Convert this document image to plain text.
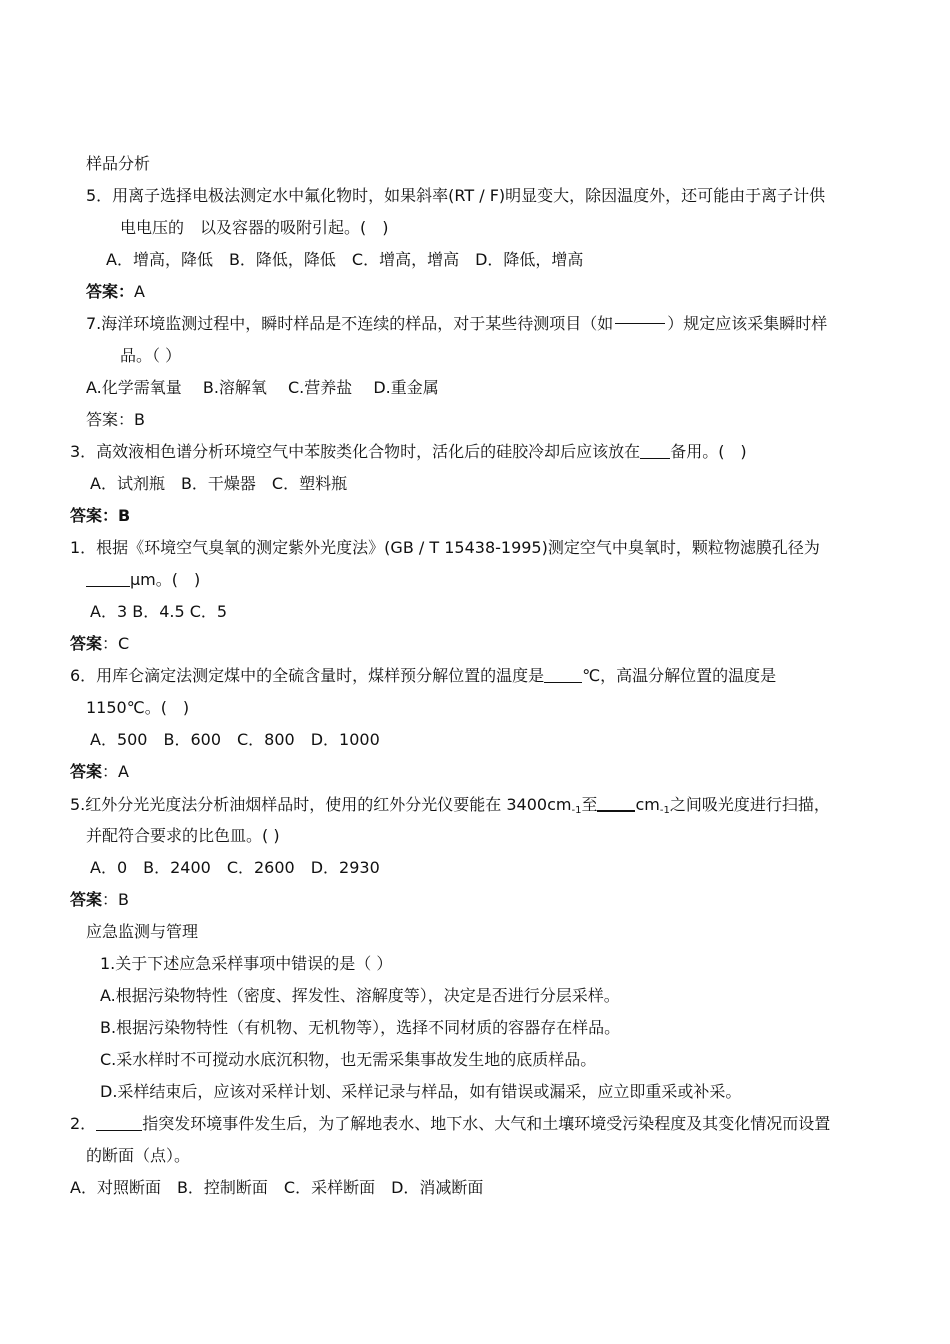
样品分析
5．用离子选择电极法测定水中氟化物时，如果斜率(RT / F)明显变大，除因温度外，还可能由于离子计供
电电压的　以及容器的吸附引起。(　)
A．增高，降低　B．降低，降低　C．增高，增高　D．降低，增高
答案：A
7.海洋环境监测过程中，瞬时样品是不连续的样品，对于某些待测项目（如	）规定应该采集瞬时样
品。（ ）
A.化学需氧量　 B.溶解氧　 C.营养盐　 D.重金属
答案：B
3．高效液相色谱分析环境空气中苯胺类化合物时，活化后的硅胶冷却后应该放在 备用。(　)
A．试剂瓶　B．干燥器　C．塑料瓶
答案：B
1．根据《环境空气臭氧的测定紫外光度法》(GB / T 15438-1995)测定空气中臭氧时，颗粒物滤膜孔径为
μm。(　)
A．3 B．4.5 C．5
答案：C
6．用库仑滴定法测定煤中的全硫含量时，煤样预分解位置的温度是 ℃，高温分解位置的温度是
1150℃。(　)
A．500　B．600　C．800　D．1000
答案：A
5.红外分光光度法分析油烟样品时，使用的红外分光仪要能在 $3400cm_{-1}$至 $cm_{-1}$之间吸光度进行扫描，
并配符合要求的比色皿。( )
A．0　B．2400　C．2600　D．2930
答案：B
应急监测与管理
1.关于下述应急采样事项中错误的是（ ）
A.根据污染物特性（密度、挥发性、溶解度等），决定是否进行分层采样。
B.根据污染物特性（有机物、无机物等），选择不同材质的容器存在样品。
C.采水样时不可搅动水底沉积物，也无需采集事故发生地的底质样品。
D.采样结束后，应该对采样计划、采样记录与样品，如有错误或漏采，应立即重采或补采。
2．	指突发环境事件发生后，为了解地表水、地下水、大气和土壤环境受污染程度及其变化情况而设置
的断面（点）。
A．对照断面　B．控制断面　C．采样断面　D．消减断面
